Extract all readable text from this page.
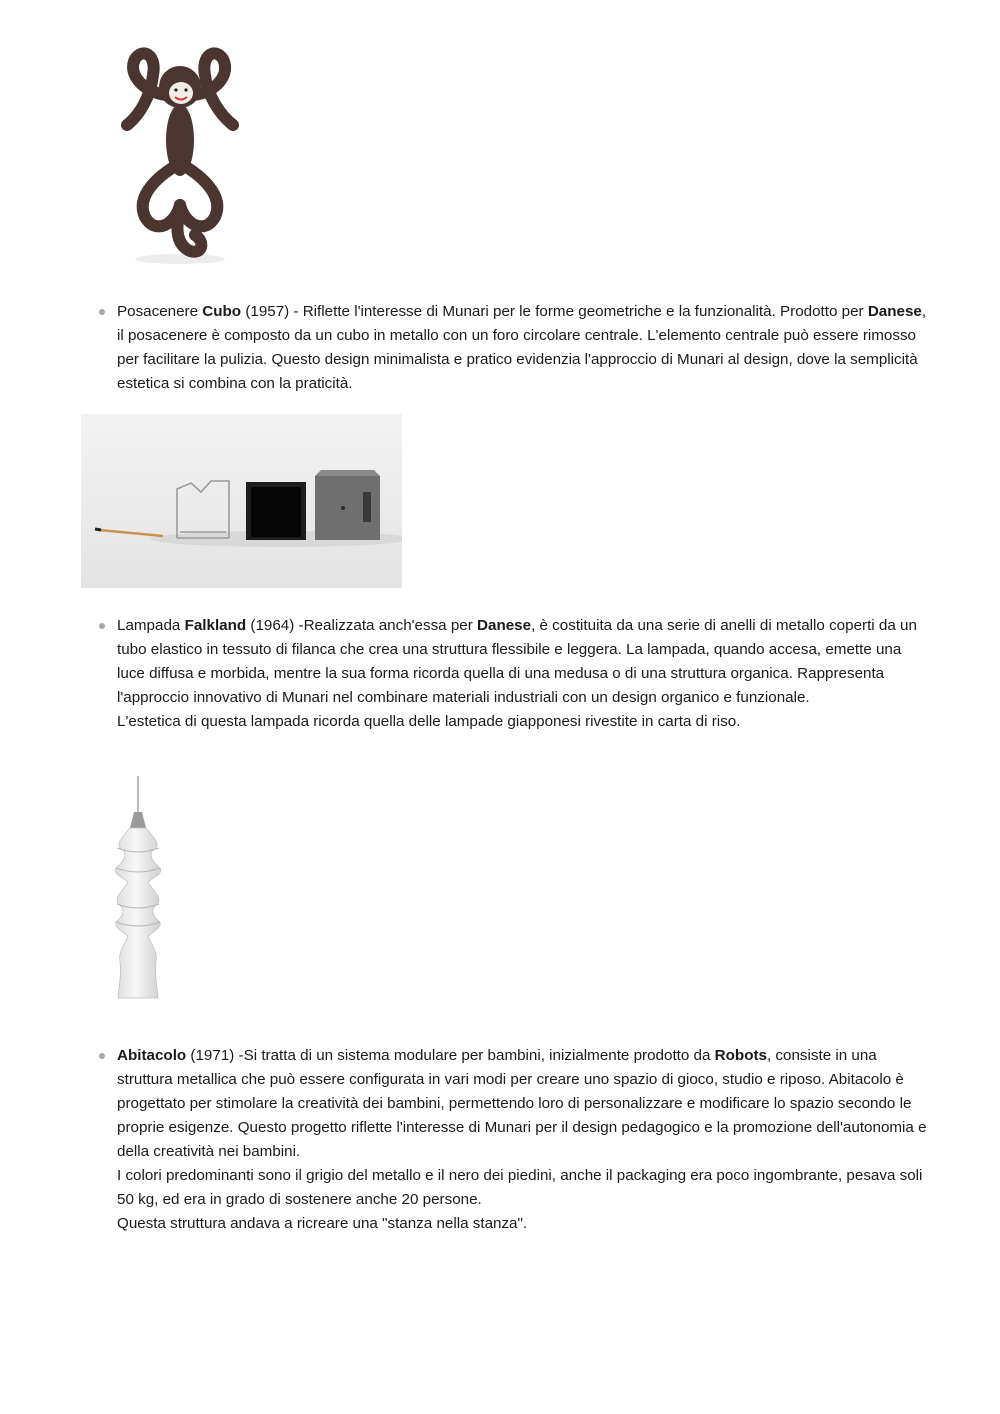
Posacenere Cubo (1957) - Riflette l'interesse di Munari per le forme geometriche e la funzionalità. Prodotto per Danese, il posacenere è composto da un cubo in metallo con un foro circolare centrale. L'elemento centrale può essere rimosso per facilitare la pulizia. Questo design minimalista e pratico evidenzia l'approccio di Munari al design, dove la semplicità estetica si combina con la praticità.

Lampada Falkland (1964) -Realizzata anch'essa per Danese, è costituita da una serie di anelli di metallo coperti da un tubo elastico in tessuto di filanca che crea una struttura flessibile e leggera. La lampada, quando accesa, emette una luce diffusa e morbida, mentre la sua forma ricorda quella di una medusa o di una struttura organica. Rappresenta l'approccio innovativo di Munari nel combinare materiali industriali con un design organico e funzionale.

L'estetica di questa lampada ricorda quella delle lampade giapponesi rivestite in carta di riso.

Abitacolo (1971) -Si tratta di un sistema modulare per bambini, inizialmente prodotto da Robots, consiste in una struttura metallica che può essere configurata in vari modi per creare uno spazio di gioco, studio e riposo. Abitacolo è progettato per stimolare la creatività dei bambini, permettendo loro di personalizzare e modificare lo spazio secondo le proprie esigenze. Questo progetto riflette l'interesse di Munari per il design pedagogico e la promozione dell'autonomia e della creatività nei bambini.

I colori predominanti sono il grigio del metallo e il nero dei piedini, anche il packaging era poco ingombrante, pesava soli 50 kg, ed era in grado di sostenere anche 20 persone.

Questa struttura andava a ricreare una "stanza nella stanza".
